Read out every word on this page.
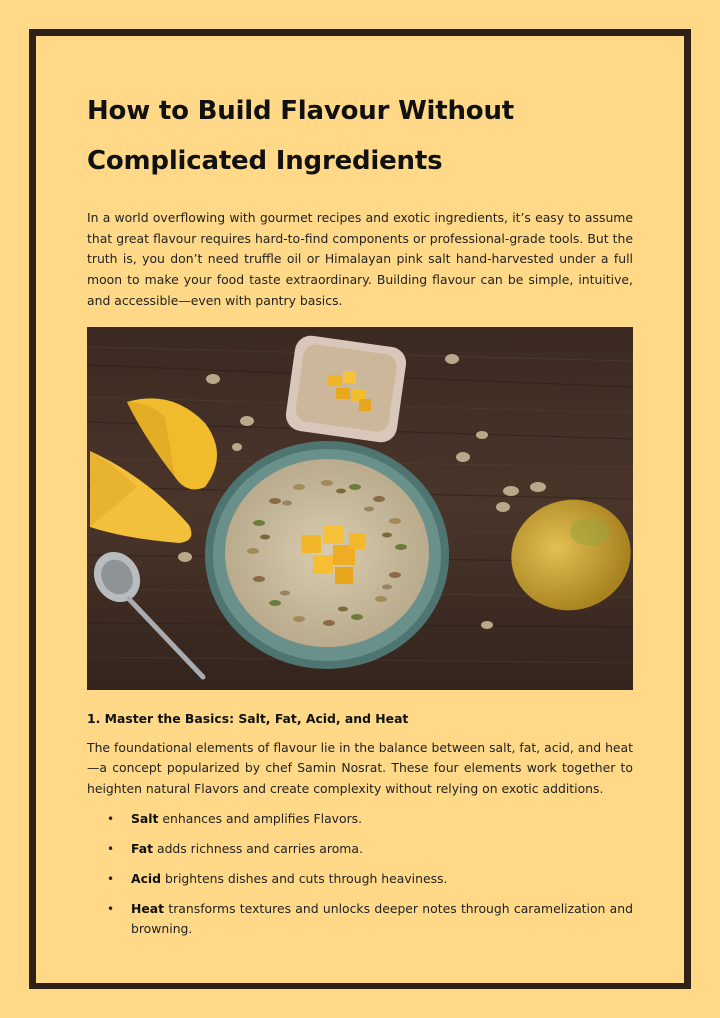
How to Build Flavour Without
Complicated Ingredients

In a world overflowing with gourmet recipes and exotic ingredients, it’s easy to assume that great flavour requires hard-to-find components or professional-grade tools. But the truth is, you don’t need truffle oil or Himalayan pink salt hand-harvested under a full moon to make your food taste extraordinary. Building flavour can be simple, intuitive, and accessible—even with pantry basics.

1. Master the Basics: Salt, Fat, Acid, and Heat

The foundational elements of flavour lie in the balance between salt, fat, acid, and heat—a concept popularized by chef Samin Nosrat. These four elements work together to heighten natural Flavors and create complexity without relying on exotic additions.

• Salt enhances and amplifies Flavors.
• Fat adds richness and carries aroma.
• Acid brightens dishes and cuts through heaviness.
• Heat transforms textures and unlocks deeper notes through caramelization and browning.
